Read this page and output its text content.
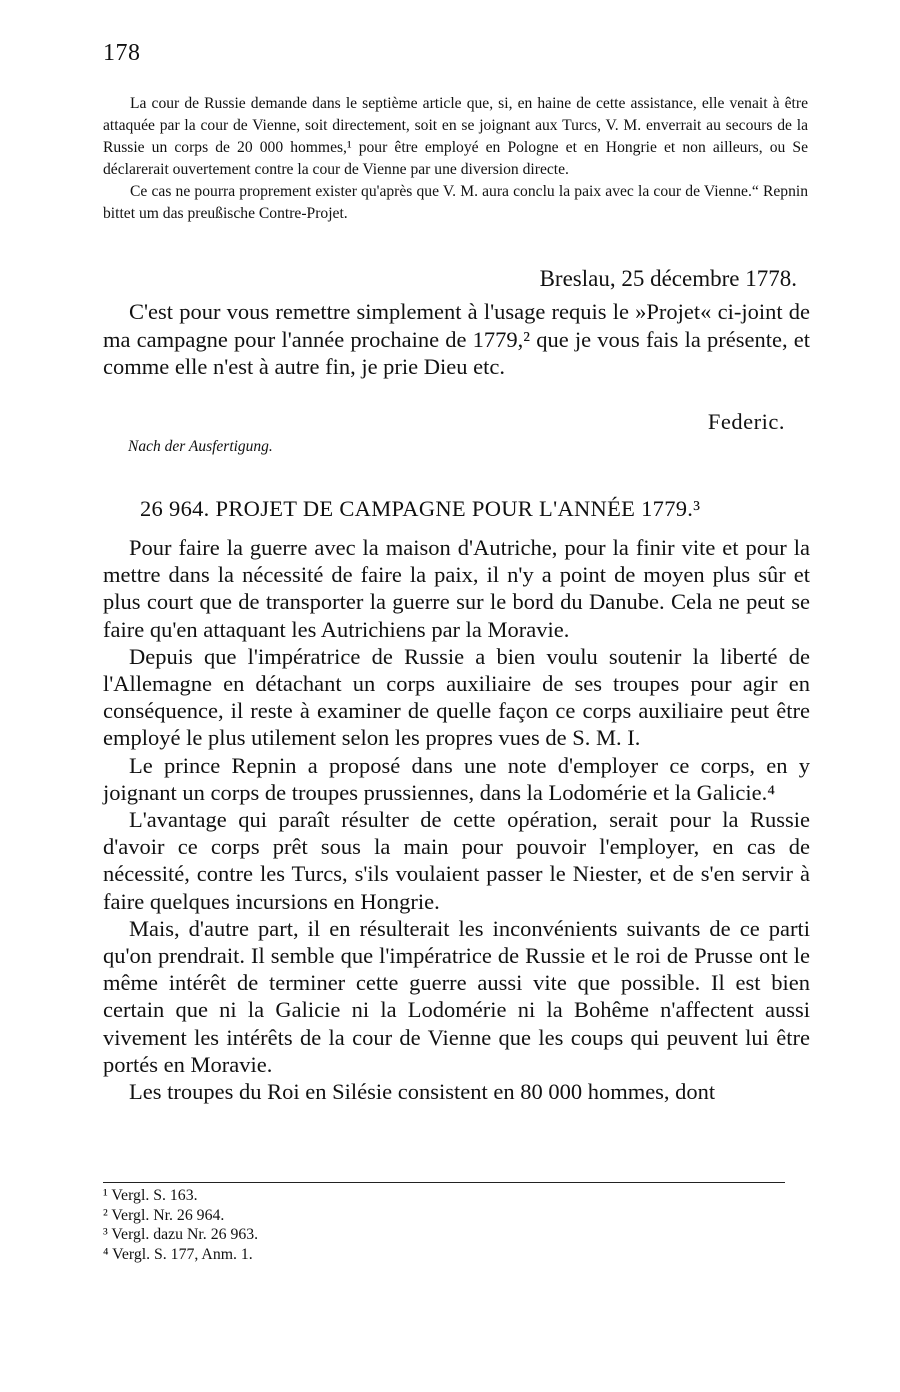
178

La cour de Russie demande dans le septième article que, si, en haine de cette assistance, elle venait à être attaquée par la cour de Vienne, soit directement, soit en se joignant aux Turcs, V. M. enverrait au secours de la Russie un corps de 20 000 hommes,¹ pour être employé en Pologne et en Hongrie et non ailleurs, ou Se déclarerait ouvertement contre la cour de Vienne par une diversion directe.

Ce cas ne pourra proprement exister qu'après que V. M. aura conclu la paix avec la cour de Vienne.“ Repnin bittet um das preußische Contre-Projet.

Breslau, 25 décembre 1778.

C'est pour vous remettre simplement à l'usage requis le »Projet« ci-joint de ma campagne pour l'année prochaine de 1779,² que je vous fais la présente, et comme elle n'est à autre fin, je prie Dieu etc.

Federic.
Nach der Ausfertigung.
26 964. PROJET DE CAMPAGNE POUR L'ANNÉE 1779.³

Pour faire la guerre avec la maison d'Autriche, pour la finir vite et pour la mettre dans la nécessité de faire la paix, il n'y a point de moyen plus sûr et plus court que de transporter la guerre sur le bord du Danube. Cela ne peut se faire qu'en attaquant les Autrichiens par la Moravie.

Depuis que l'impératrice de Russie a bien voulu soutenir la liberté de l'Allemagne en détachant un corps auxiliaire de ses troupes pour agir en conséquence, il reste à examiner de quelle façon ce corps auxiliaire peut être employé le plus utilement selon les propres vues de S. M. I.

Le prince Repnin a proposé dans une note d'employer ce corps, en y joignant un corps de troupes prussiennes, dans la Lodomérie et la Galicie.⁴

L'avantage qui paraît résulter de cette opération, serait pour la Russie d'avoir ce corps prêt sous la main pour pouvoir l'employer, en cas de nécessité, contre les Turcs, s'ils voulaient passer le Niester, et de s'en servir à faire quelques incursions en Hongrie.

Mais, d'autre part, il en résulterait les inconvénients suivants de ce parti qu'on prendrait. Il semble que l'impératrice de Russie et le roi de Prusse ont le même intérêt de terminer cette guerre aussi vite que possible. Il est bien certain que ni la Galicie ni la Lodomérie ni la Bohême n'affectent aussi vivement les intérêts de la cour de Vienne que les coups qui peuvent lui être portés en Moravie.

Les troupes du Roi en Silésie consistent en 80 000 hommes, dont

¹ Vergl. S. 163.
² Vergl. Nr. 26 964.
³ Vergl. dazu Nr. 26 963.
⁴ Vergl. S. 177, Anm. 1.
